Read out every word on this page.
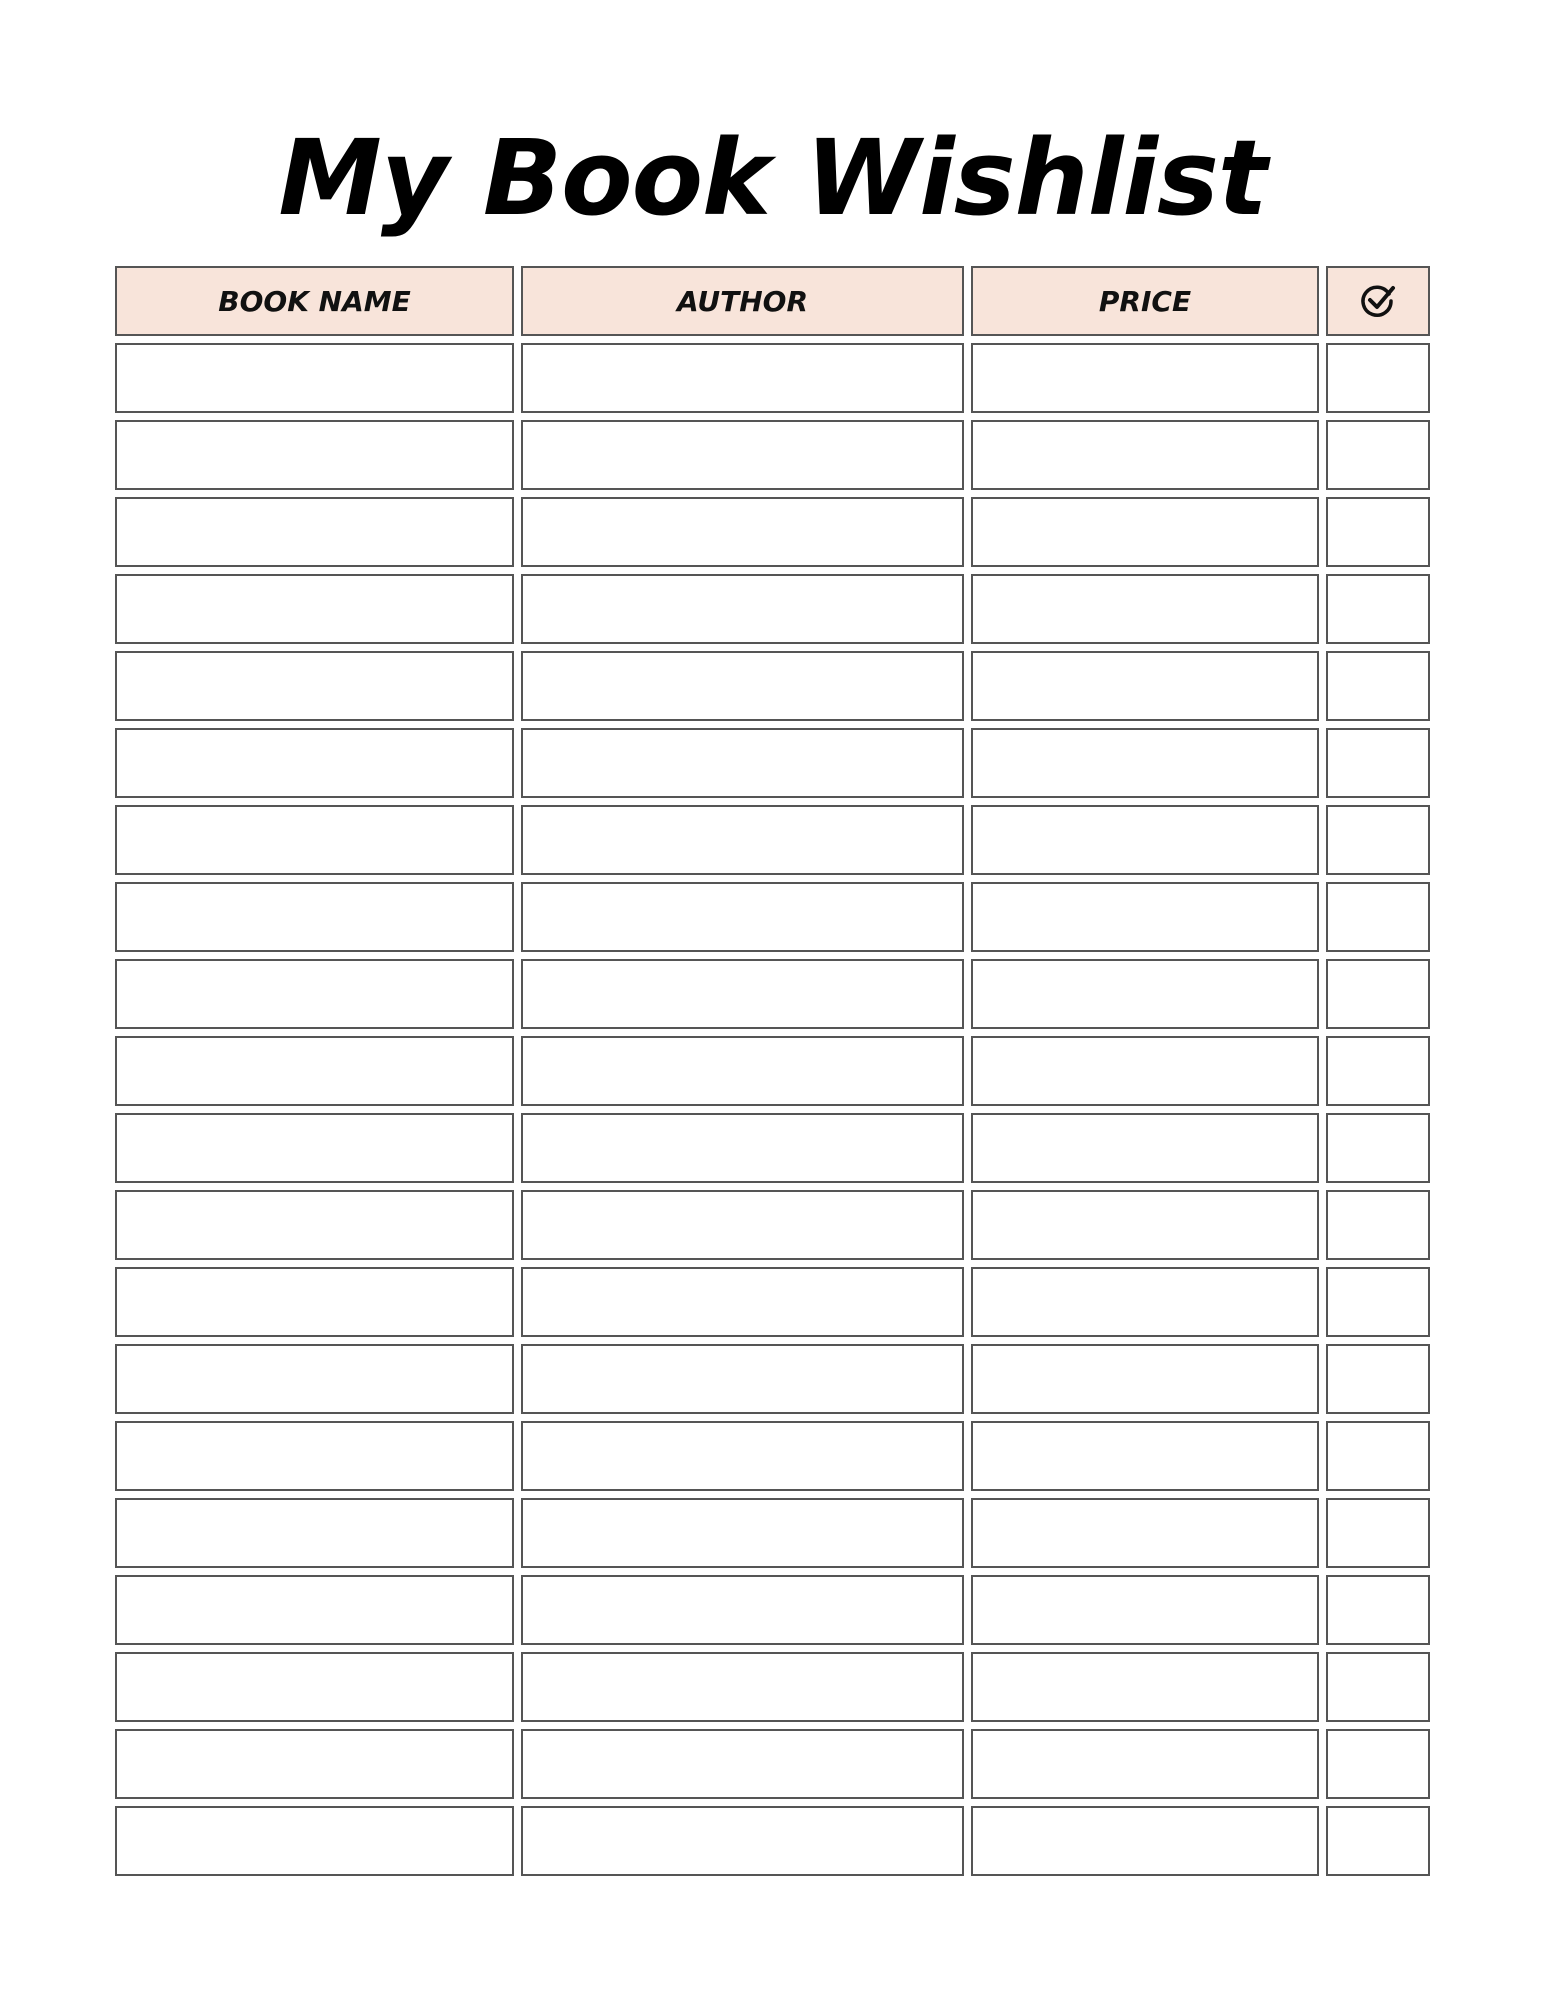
My Book Wishlist
BOOK NAME	AUTHOR	PRICE
